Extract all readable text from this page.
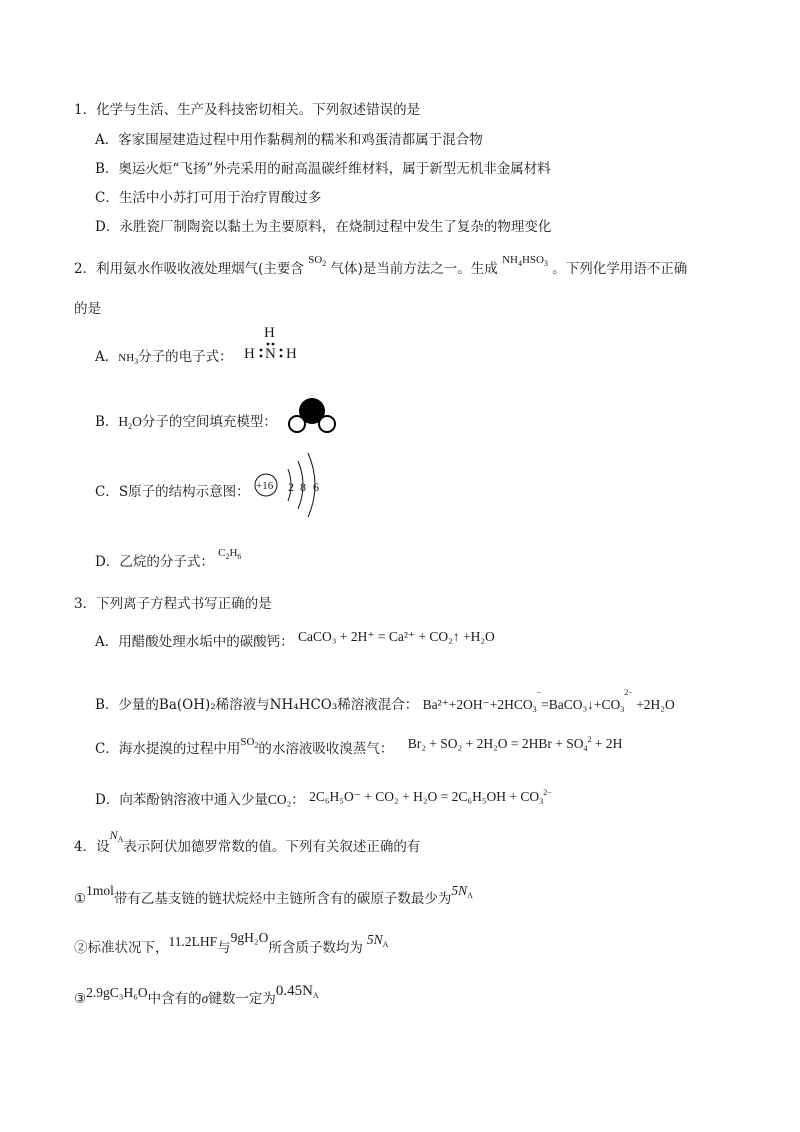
1．化学与生活、生产及科技密切相关。下列叙述错误的是
A．客家围屋建造过程中用作黏稠剂的糯米和鸡蛋清都属于混合物
B．奥运火炬“飞扬”外壳采用的耐高温碳纤维材料，属于新型无机非金属材料
C．生活中小苏打可用于治疗胃酸过多
D．永胜瓷厂制陶瓷以黏土为主要原料，在烧制过程中发生了复杂的物理变化
2．利用氨水作吸收液处理烟气(主要含 $^{SO_2}$ 气体)是当前方法之一。生成 $^{NH_4HSO_3}$ 。下列化学用语不正确
的是
A．$NH_3$分子的电子式：
H
H N H
B．$H_2O$分子的空间填充模型：
C．S原子的结构示意图： +16 2 8 6
D．乙烷的分子式： $^{C_2H_6}$
3．下列离子方程式书写正确的是
A．用醋酸处理水垢中的碳酸钙： CaCO₃ + 2H⁺ = Ca²⁺ + CO₂↑ +H₂O
B．少量的Ba(OH)₂稀溶液与NH₄HCO₃稀溶液混合： $Ba^{2+}+2OH^-+2HCO_3^-=BaCO_3↓+CO_3^{2-} +2H_2O$
C．海水提溴的过程中用$^{SO_2}$的水溶液吸收溴蒸气： $Br_2 + SO_2 + 2H_2O = 2HBr + SO_4^2 + 2H$
D．向苯酚钠溶液中通入少量CO₂： $2C_6H_5O^- + CO_2 + H_2O = 2C_6H_5OH + CO_3^{2-}$
4．设$N_A$表示阿伏加德罗常数的值。下列有关叙述正确的有
①1mol带有乙基支链的链状烷烃中主链所含有的碳原子数最少为$5N_A$
②标准状况下，11.2LHF与9gH₂O所含质子数均为$5N_A$
③2.9gC₃H₆O中含有的σ键数一定为$0.45N_A$
